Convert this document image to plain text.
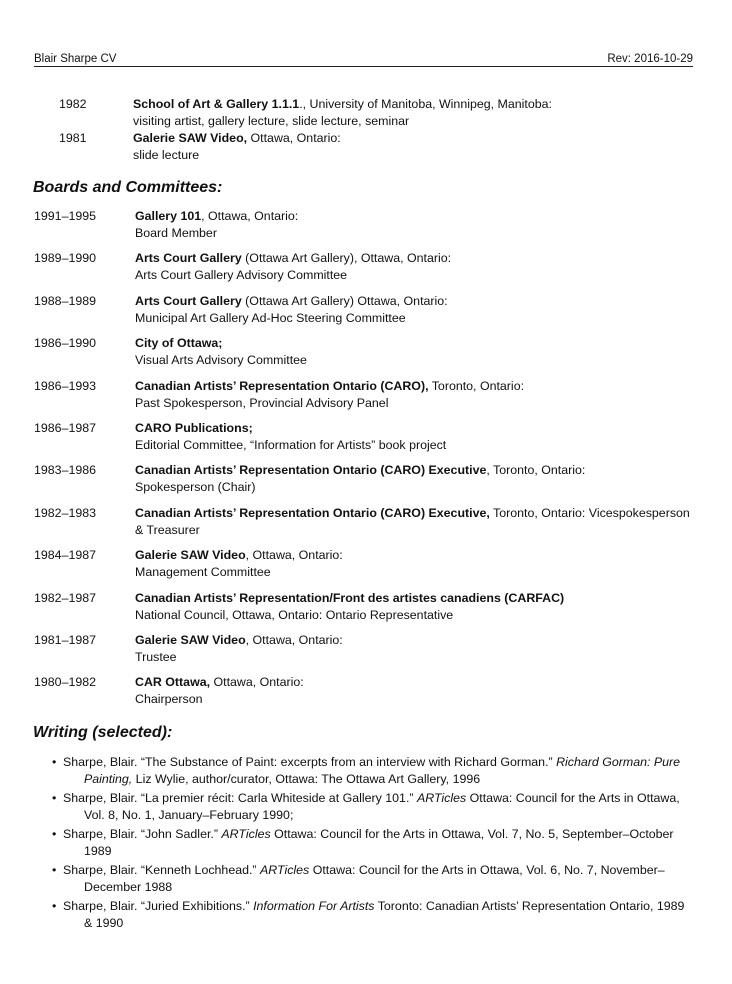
Blair Sharpe CV	Rev: 2016-10-29
1982	School of Art & Gallery 1.1.1., University of Manitoba, Winnipeg, Manitoba:
visiting artist, gallery lecture, slide lecture, seminar
1981	Galerie SAW Video, Ottawa, Ontario:
slide lecture
Boards and Committees:
1991–1995	Gallery 101, Ottawa, Ontario:
Board Member
1989–1990	Arts Court Gallery (Ottawa Art Gallery), Ottawa, Ontario:
Arts Court Gallery Advisory Committee
1988–1989	Arts Court Gallery (Ottawa Art Gallery) Ottawa, Ontario:
Municipal Art Gallery Ad-Hoc Steering Committee
1986–1990	City of Ottawa;
Visual Arts Advisory Committee
1986–1993	Canadian Artists’ Representation Ontario (CARO), Toronto, Ontario:
Past Spokesperson, Provincial Advisory Panel
1986–1987	CARO Publications;
Editorial Committee, “Information for Artists” book project
1983–1986	Canadian Artists’ Representation Ontario (CARO) Executive, Toronto, Ontario:
Spokesperson (Chair)
1982–1983	Canadian Artists’ Representation Ontario (CARO) Executive, Toronto, Ontario: Vicespokesperson
& Treasurer
1984–1987	Galerie SAW Video, Ottawa, Ontario:
Management Committee
1982–1987	Canadian Artists’ Representation/Front des artistes canadiens (CARFAC)
National Council, Ottawa, Ontario: Ontario Representative
1981–1987	Galerie SAW Video, Ottawa, Ontario:
Trustee
1980–1982	CAR Ottawa, Ottawa, Ontario:
Chairperson
Writing (selected):
• Sharpe, Blair. “The Substance of Paint: excerpts from an interview with Richard Gorman.” Richard Gorman: Pure Painting, Liz Wylie, author/curator, Ottawa: The Ottawa Art Gallery, 1996
• Sharpe, Blair. “La premier récit: Carla Whiteside at Gallery 101.” ARTicles Ottawa: Council for the Arts in Ottawa, Vol. 8, No. 1, January–February 1990;
• Sharpe, Blair. “John Sadler.” ARTicles Ottawa: Council for the Arts in Ottawa, Vol. 7, No. 5, September–October 1989
• Sharpe, Blair. “Kenneth Lochhead.” ARTicles Ottawa: Council for the Arts in Ottawa, Vol. 6, No. 7, November–December 1988
• Sharpe, Blair. “Juried Exhibitions.” Information For Artists Toronto: Canadian Artists’ Representation Ontario, 1989 & 1990
